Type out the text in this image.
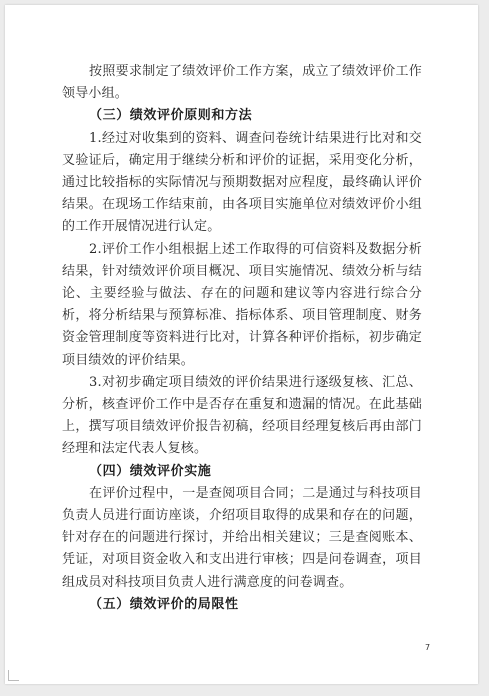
按照要求制定了绩效评价工作方案，成立了绩效评价工作领导小组。

（三）绩效评价原则和方法

1.经过对收集到的资料、调查问卷统计结果进行比对和交叉验证后，确定用于继续分析和评价的证据，采用变化分析，通过比较指标的实际情况与预期数据对应程度，最终确认评价结果。在现场工作结束前，由各项目实施单位对绩效评价小组的工作开展情况进行认定。

2.评价工作小组根据上述工作取得的可信资料及数据分析结果，针对绩效评价项目概况、项目实施情况、绩效分析与结论、主要经验与做法、存在的问题和建议等内容进行综合分析，将分析结果与预算标准、指标体系、项目管理制度、财务资金管理制度等资料进行比对，计算各种评价指标，初步确定项目绩效的评价结果。

3.对初步确定项目绩效的评价结果进行逐级复核、汇总、分析，核查评价工作中是否存在重复和遗漏的情况。在此基础上，撰写项目绩效评价报告初稿，经项目经理复核后再由部门经理和法定代表人复核。

（四）绩效评价实施

在评价过程中，一是查阅项目合同；二是通过与科技项目负责人员进行面访座谈，介绍项目取得的成果和存在的问题，针对存在的问题进行探讨，并给出相关建议；三是查阅账本、凭证，对项目资金收入和支出进行审核；四是问卷调查，项目组成员对科技项目负责人进行满意度的问卷调查。

（五）绩效评价的局限性
7
